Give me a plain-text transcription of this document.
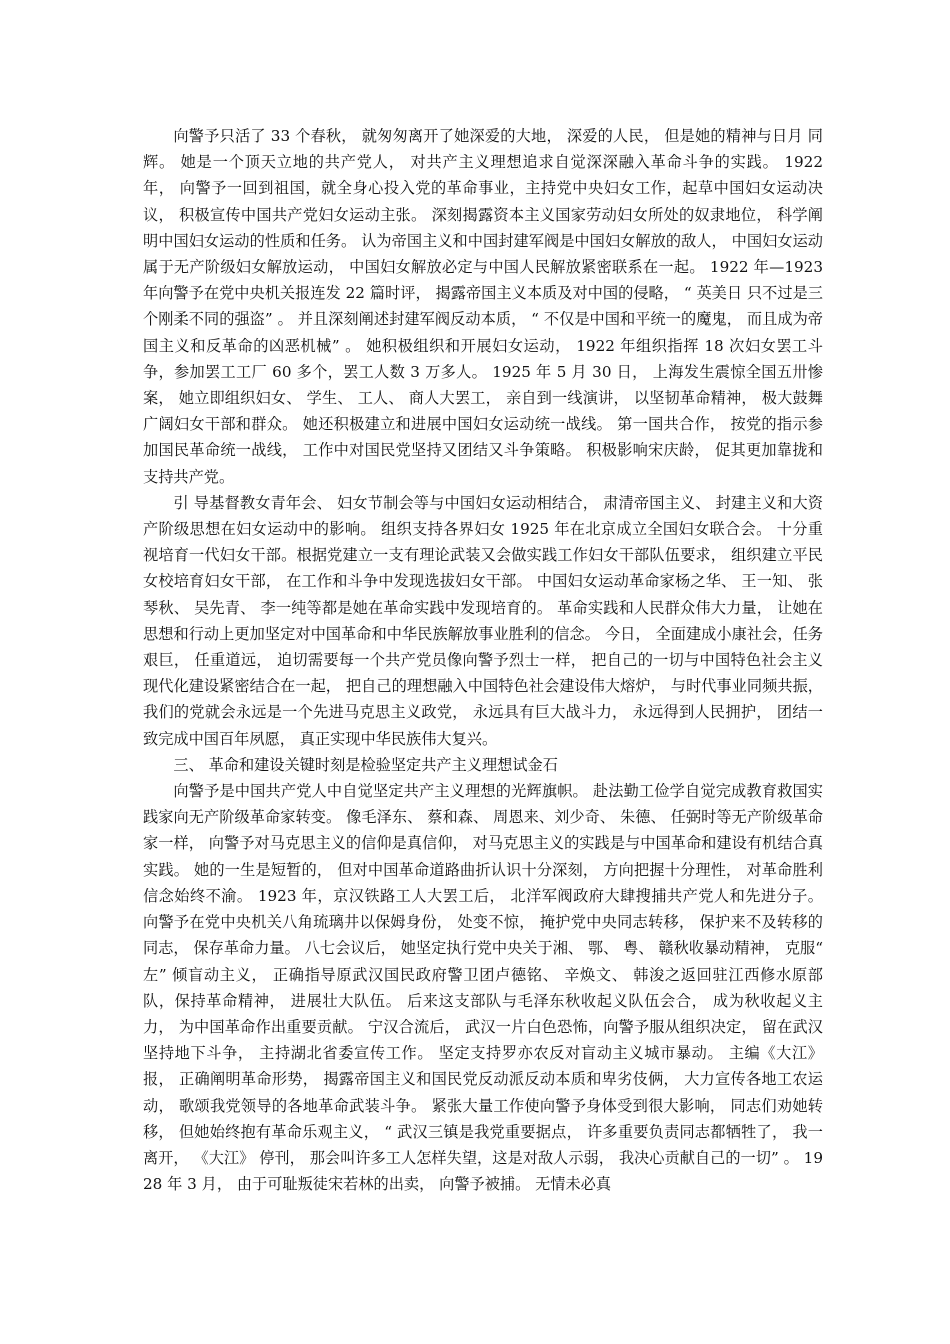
向警予只活了 33 个春秋， 就匆匆离开了她深爱的大地， 深爱的人民， 但是她的精神与日月 同辉。 她是一个顶天立地的共产党人， 对共产主义理想追求自觉深深融入革命斗争的实践。 1922 年， 向警予一回到祖国，就全身心投入党的革命事业，主持党中央妇女工作，起草中国妇女运动决议， 积极宣传中国共产党妇女运动主张。 深刻揭露资本主义国家劳动妇女所处的奴隶地位， 科学阐明中国妇女运动的性质和任务。 认为帝国主义和中国封建军阀是中国妇女解放的敌人， 中国妇女运动属于无产阶级妇女解放运动， 中国妇女解放必定与中国人民解放紧密联系在一起。 1922 年—1923 年向警予在党中央机关报连发 22 篇时评， 揭露帝国主义本质及对中国的侵略， “ 英美日 只不过是三个刚柔不同的强盗” 。 并且深刻阐述封建军阀反动本质， “ 不仅是中国和平统一的魔鬼， 而且成为帝国主义和反革命的凶恶机械” 。 她积极组织和开展妇女运动， 1922 年组织指挥 18 次妇女罢工斗争，参加罢工工厂 60 多个，罢工人数 3 万多人。 1925 年 5 月 30 日， 上海发生震惊全国五卅惨案， 她立即组织妇女、 学生、 工人、 商人大罢工， 亲自到一线演讲， 以坚韧革命精神， 极大鼓舞广阔妇女干部和群众。 她还积极建立和进展中国妇女运动统一战线。 第一国共合作， 按党的指示参加国民革命统一战线， 工作中对国民党坚持又团结又斗争策略。 积极影响宋庆龄， 促其更加靠拢和支持共产党。

引 导基督教女青年会、 妇女节制会等与中国妇女运动相结合， 肃清帝国主义、 封建主义和大资产阶级思想在妇女运动中的影响。 组织支持各界妇女 1925 年在北京成立全国妇女联合会。 十分重视培育一代妇女干部。根据党建立一支有理论武装又会做实践工作妇女干部队伍要求， 组织建立平民女校培育妇女干部， 在工作和斗争中发现选拔妇女干部。 中国妇女运动革命家杨之华、 王一知、 张琴秋、 吴先青、 李一纯等都是她在革命实践中发现培育的。 革命实践和人民群众伟大力量， 让她在思想和行动上更加坚定对中国革命和中华民族解放事业胜利的信念。 今日， 全面建成小康社会，任务艰巨， 任重道远， 迫切需要每一个共产党员像向警予烈士一样， 把自己的一切与中国特色社会主义现代化建设紧密结合在一起， 把自己的理想融入中国特色社会建设伟大熔炉， 与时代事业同频共振， 我们的党就会永远是一个先进马克思主义政党， 永远具有巨大战斗力， 永远得到人民拥护， 团结一致完成中国百年夙愿， 真正实现中华民族伟大复兴。

三、 革命和建设关键时刻是检验坚定共产主义理想试金石

向警予是中国共产党人中自觉坚定共产主义理想的光辉旗帜。 赴法勤工俭学自觉完成教育救国实践家向无产阶级革命家转变。 像毛泽东、 蔡和森、 周恩来、刘少奇、 朱德、 任弼时等无产阶级革命家一样， 向警予对马克思主义的信仰是真信仰， 对马克思主义的实践是与中国革命和建设有机结合真实践。 她的一生是短暂的， 但对中国革命道路曲折认识十分深刻， 方向把握十分理性， 对革命胜利信念始终不渝。 1923 年，京汉铁路工人大罢工后， 北洋军阀政府大肆搜捕共产党人和先进分子。 向警予在党中央机关八角琉璃井以保姆身份， 处变不惊， 掩护党中央同志转移， 保护来不及转移的同志， 保存革命力量。 八七会议后， 她坚定执行党中央关于湘、 鄂、 粤、 赣秋收暴动精神， 克服“ 左” 倾盲动主义， 正确指导原武汉国民政府警卫团卢德铭、 辛焕文、 韩浚之返回驻江西修水原部队，保持革命精神， 进展壮大队伍。 后来这支部队与毛泽东秋收起义队伍会合， 成为秋收起义主力， 为中国革命作出重要贡献。 宁汉合流后， 武汉一片白色恐怖，向警予服从组织决定， 留在武汉坚持地下斗争， 主持湖北省委宣传工作。 坚定支持罗亦农反对盲动主义城市暴动。 主编《大江》 报， 正确阐明革命形势， 揭露帝国主义和国民党反动派反动本质和卑劣伎俩， 大力宣传各地工农运动， 歌颂我党领导的各地革命武装斗争。 紧张大量工作使向警予身体受到很大影响， 同志们劝她转移， 但她始终抱有革命乐观主义， “ 武汉三镇是我党重要据点， 许多重要负责同志都牺牲了， 我一离开， 《大江》 停刊， 那会叫许多工人怎样失望，这是对敌人示弱， 我决心贡献自己的一切” 。 1928 年 3 月， 由于可耻叛徒宋若林的出卖， 向警予被捕。 无情未必真
